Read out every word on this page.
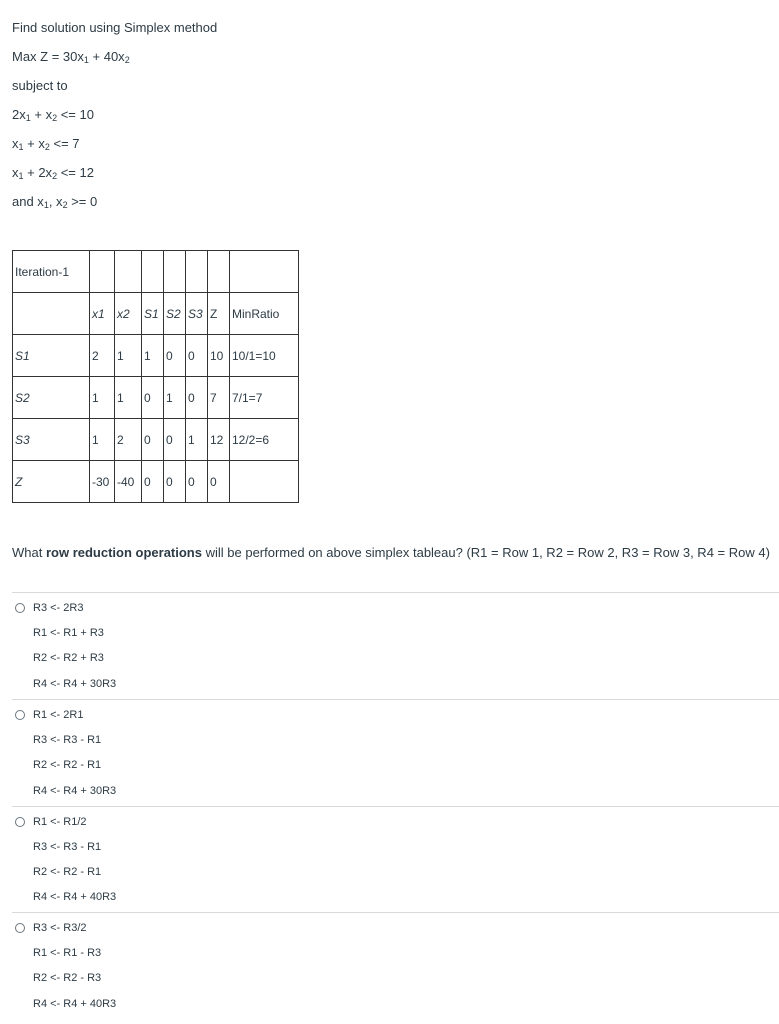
Find solution using Simplex method
Max $Z = 30x_1 + 40x_2$
subject to
$2x_1 + x_2 <= 10$
$x_1 + x_2 <= 7$
$x_1 + 2x_2 <= 12$
and $x_1$, $x_2 >= 0$
Iteration-1							
	x1	x2	S1	S2	S3	Z	MinRatio
S1	2	1	1	0	0	10	10/1=10
S2	1	1	0	1	0	7	7/1=7
S3	1	2	0	0	1	12	12/2=6
Z	-30	-40	0	0	0	0	
What row reduction operations will be performed on above simplex tableau? (R1 = Row 1, R2 = Row 2, R3 = Row 3, R4 = Row 4)
R3 <- 2R3
R1 <- R1 + R3
R2 <- R2 + R3
R4 <- R4 + 30R3
R1 <- 2R1
R3 <- R3 - R1
R2 <- R2 - R1
R4 <- R4 + 30R3
R1 <- R1/2
R3 <- R3 - R1
R2 <- R2 - R1
R4 <- R4 + 40R3
R3 <- R3/2
R1 <- R1 - R3
R2 <- R2 - R3
R4 <- R4 + 40R3
